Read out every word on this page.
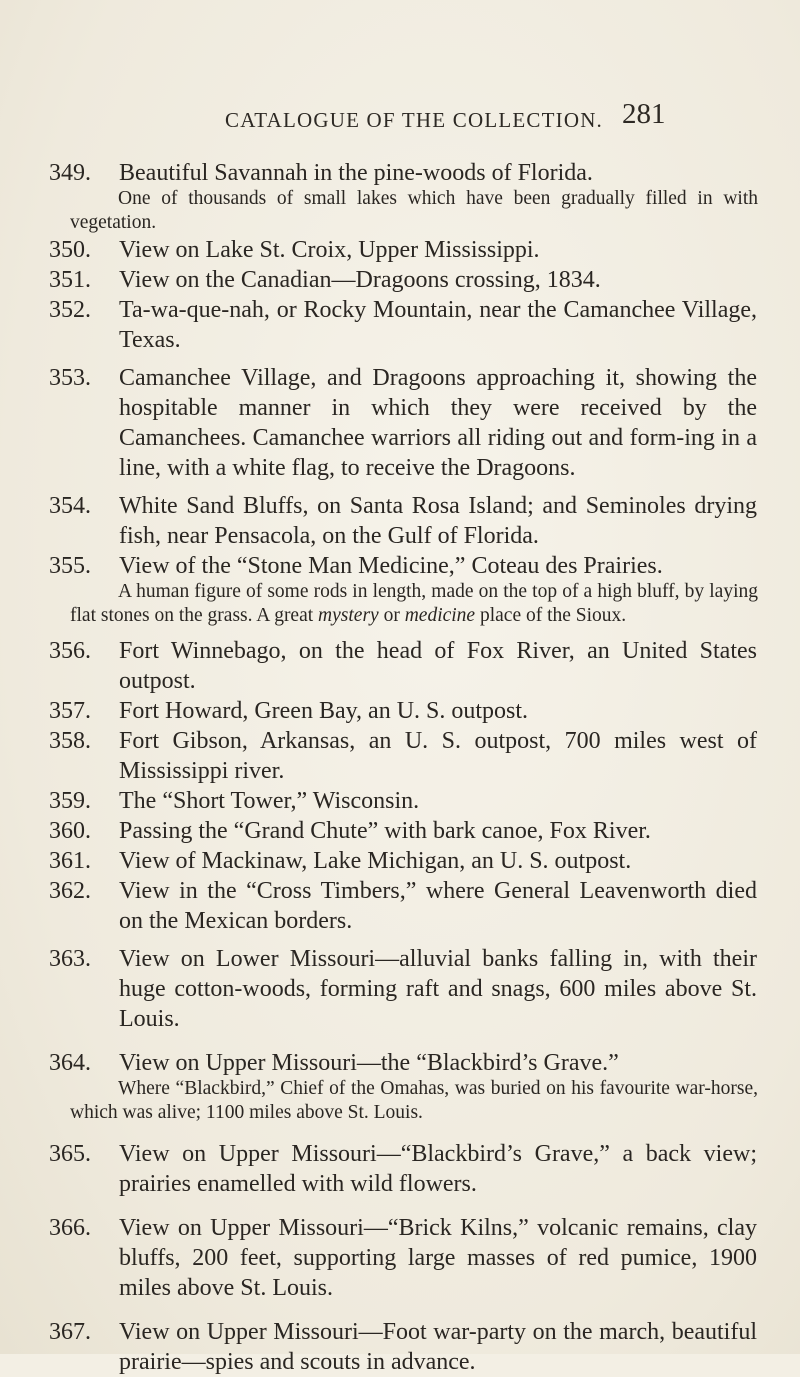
CATALOGUE OF THE COLLECTION. 281
349.	Beautiful Savannah in the pine-woods of Florida.
One of thousands of small lakes which have been gradually filled in with vegetation.
350.	View on Lake St. Croix, Upper Mississippi.
351.	View on the Canadian—Dragoons crossing, 1834.
352.	Ta-wa-que-nah, or Rocky Mountain, near the Camanchee Village, Texas.
353.	Camanchee Village, and Dragoons approaching it, showing the hospitable manner in which they were received by the Camanchees. Camanchee warriors all riding out and form-ing in a line, with a white flag, to receive the Dragoons.
354.	White Sand Bluffs, on Santa Rosa Island; and Seminoles drying fish, near Pensacola, on the Gulf of Florida.
355.	View of the “Stone Man Medicine,” Coteau des Prairies.
A human figure of some rods in length, made on the top of a high bluff, by laying flat stones on the grass. A great mystery or medicine place of the Sioux.
356.	Fort Winnebago, on the head of Fox River, an United States outpost.
357.	Fort Howard, Green Bay, an U. S. outpost.
358.	Fort Gibson, Arkansas, an U. S. outpost, 700 miles west of Mississippi river.
359.	The “Short Tower,” Wisconsin.
360.	Passing the “Grand Chute” with bark canoe, Fox River.
361.	View of Mackinaw, Lake Michigan, an U. S. outpost.
362.	View in the “Cross Timbers,” where General Leavenworth died on the Mexican borders.
363.	View on Lower Missouri—alluvial banks falling in, with their huge cotton-woods, forming raft and snags, 600 miles above St. Louis.
364.	View on Upper Missouri—the “Blackbird’s Grave.”
Where “Blackbird,” Chief of the Omahas, was buried on his favourite war-horse, which was alive; 1100 miles above St. Louis.
365.	View on Upper Missouri—“Blackbird’s Grave,” a back view; prairies enamelled with wild flowers.
366.	View on Upper Missouri—“Brick Kilns,” volcanic remains, clay bluffs, 200 feet, supporting large masses of red pumice, 1900 miles above St. Louis.
367.	View on Upper Missouri—Foot war-party on the march, beautiful prairie—spies and scouts in advance.
